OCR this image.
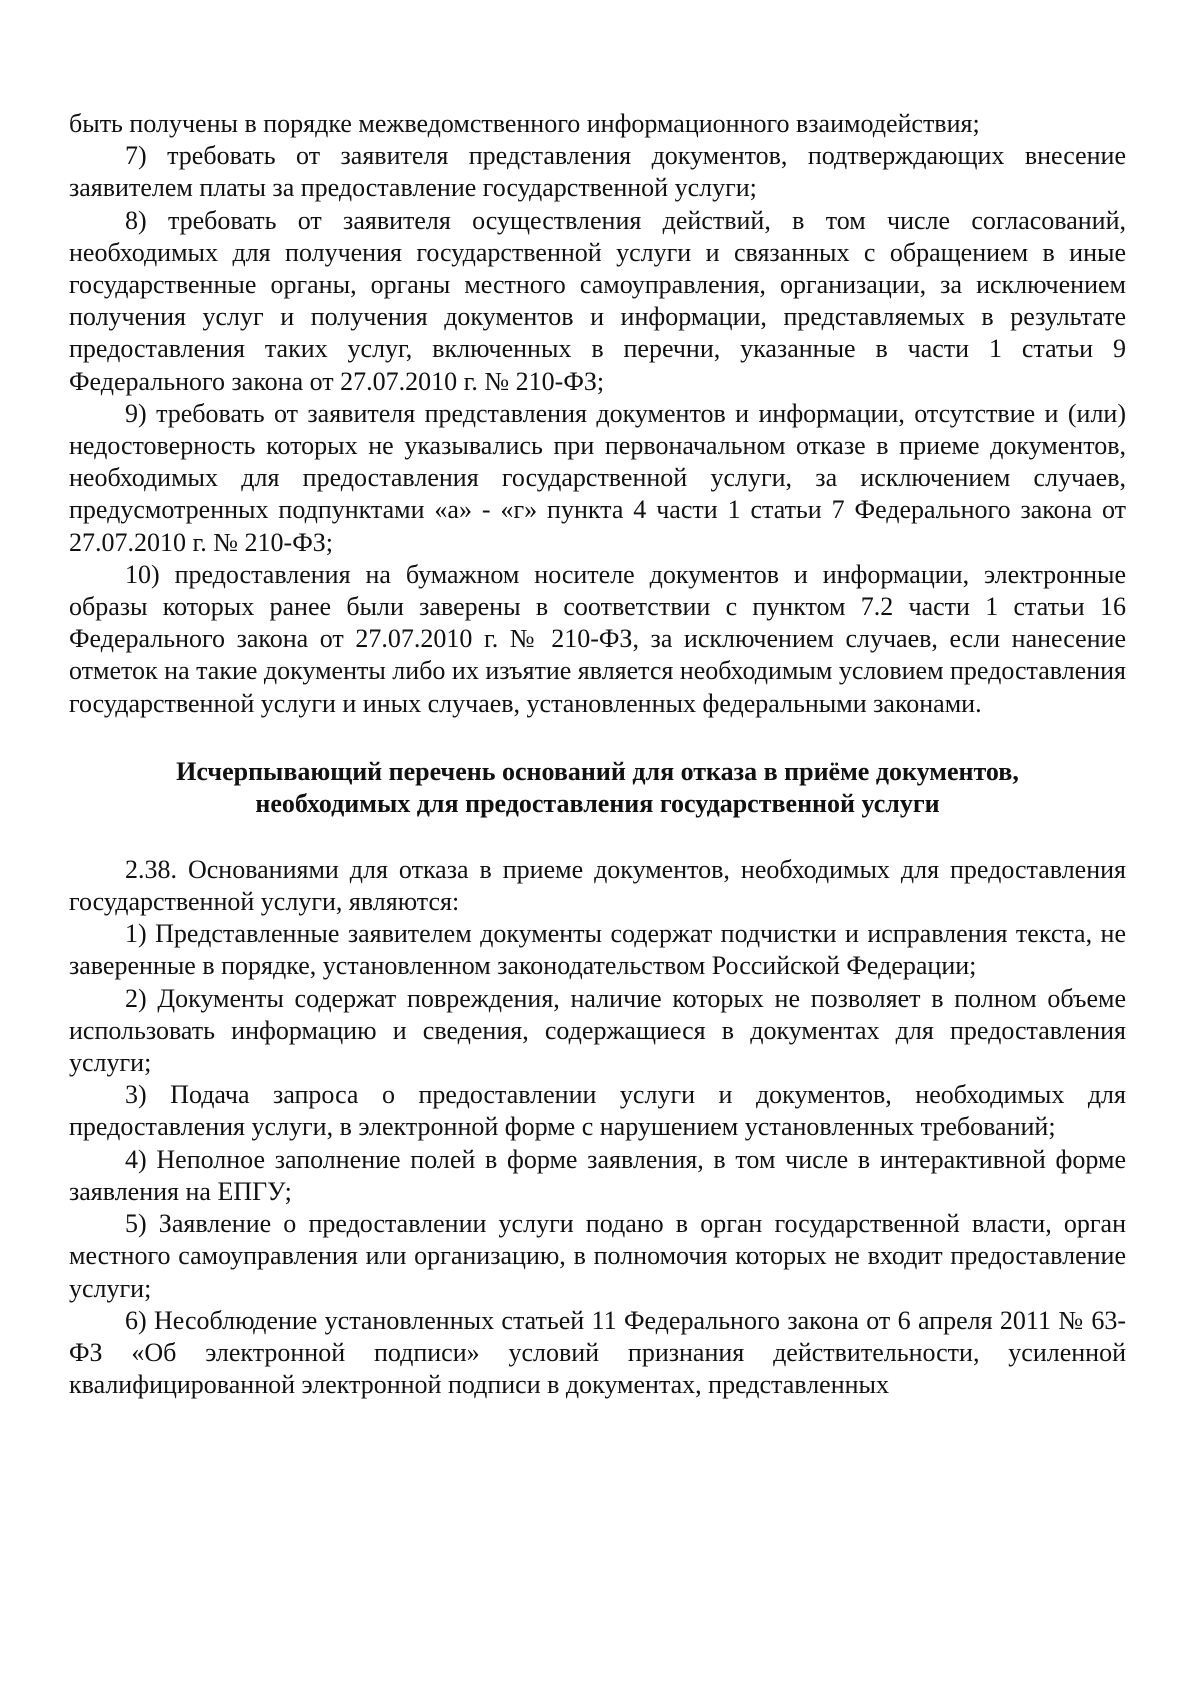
быть получены в порядке межведомственного информационного взаимодействия;

7) требовать от заявителя представления документов, подтверждающих внесение заявителем платы за предоставление государственной услуги;

8) требовать от заявителя осуществления действий, в том числе согласований, необходимых для получения государственной услуги и связанных с обращением в иные государственные органы, органы местного самоуправления, организации, за исключением получения услуг и получения документов и информации, представляемых в результате предоставления таких услуг, включенных в перечни, указанные в части 1 статьи 9 Федерального закона от 27.07.2010 г. № 210-ФЗ;

9) требовать от заявителя представления документов и информации, отсутствие и (или) недостоверность которых не указывались при первоначальном отказе в приеме документов, необходимых для предоставления государственной услуги, за исключением случаев, предусмотренных подпунктами «а» - «г» пункта 4 части 1 статьи 7 Федерального закона от 27.07.2010 г. № 210-ФЗ;

10) предоставления на бумажном носителе документов и информации, электронные образы которых ранее были заверены в соответствии с пунктом 7.2 части 1 статьи 16 Федерального закона от 27.07.2010 г. № 210-ФЗ, за исключением случаев, если нанесение отметок на такие документы либо их изъятие является необходимым условием предоставления государственной услуги и иных случаев, установленных федеральными законами.

Исчерпывающий перечень оснований для отказа в приёме документов,
необходимых для предоставления государственной услуги

2.38. Основаниями для отказа в приеме документов, необходимых для предоставления государственной услуги, являются:

1) Представленные заявителем документы содержат подчистки и исправления текста, не заверенные в порядке, установленном законодательством Российской Федерации;

2) Документы содержат повреждения, наличие которых не позволяет в полном объеме использовать информацию и сведения, содержащиеся в документах для предоставления услуги;

3) Подача запроса о предоставлении услуги и документов, необходимых для предоставления услуги, в электронной форме с нарушением установленных требований;

4) Неполное заполнение полей в форме заявления, в том числе в интерактивной форме заявления на ЕПГУ;

5) Заявление о предоставлении услуги подано в орган государственной власти, орган местного самоуправления или организацию, в полномочия которых не входит предоставление услуги;

6) Несоблюдение установленных статьей 11 Федерального закона от 6 апреля 2011 № 63-ФЗ «Об электронной подписи» условий признания действительности, усиленной квалифицированной электронной подписи в документах, представленных
